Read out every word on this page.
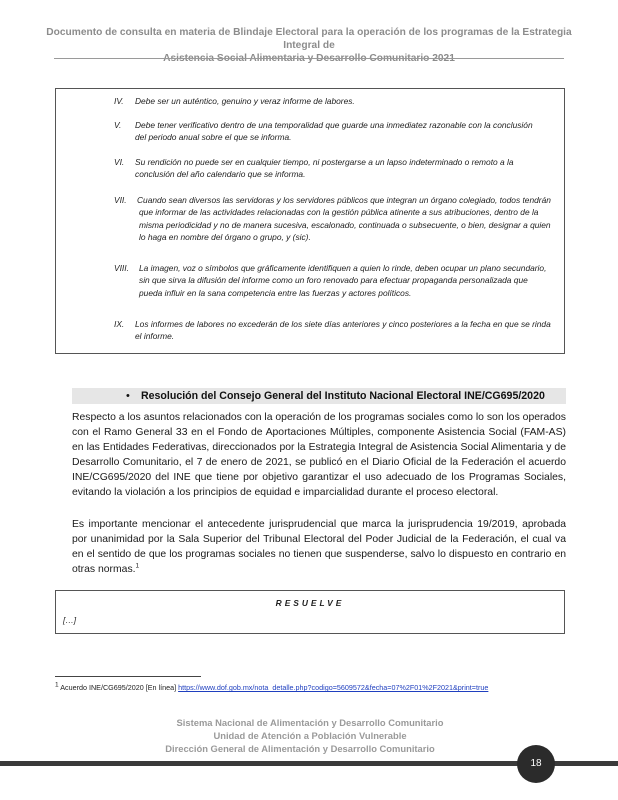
Documento de consulta en materia de Blindaje Electoral para la operación de los programas de la Estrategia Integral de
Asistencia Social Alimentaria y Desarrollo Comunitario 2021
IV. Debe ser un auténtico, genuino y veraz informe de labores.
V. Debe tener verificativo dentro de una temporalidad que guarde una inmediatez razonable con la conclusión
del periodo anual sobre el que se informa.
VI. Su rendición no puede ser en cualquier tiempo, ni postergarse a un lapso indeterminado o remoto a la
conclusión del año calendario que se informa.
VII. Cuando sean diversos las servidoras y los servidores públicos que integran un órgano colegiado, todos tendrán
que informar de las actividades relacionadas con la gestión pública atinente a sus atribuciones, dentro de la
misma periodicidad y no de manera sucesiva, escalonado, continuada o subsecuente, o bien, designar a quien
lo haga en nombre del órgano o grupo, y (sic).
VIII. La imagen, voz o símbolos que gráficamente identifiquen a quien lo rinde, deben ocupar un plano secundario,
sin que sirva la difusión del informe como un foro renovado para efectuar propaganda personalizada que
pueda influir en la sana competencia entre las fuerzas y actores políticos.
IX. Los informes de labores no excederán de los siete días anteriores y cinco posteriores a la fecha en que se rinda
el informe.
• Resolución del Consejo General del Instituto Nacional Electoral INE/CG695/2020
Respecto a los asuntos relacionados con la operación de los programas sociales como lo son los operados con el Ramo General 33 en el Fondo de Aportaciones Múltiples, componente Asistencia Social (FAM-AS) en las Entidades Federativas, direccionados por la Estrategia Integral de Asistencia Social Alimentaria y de Desarrollo Comunitario, el 7 de enero de 2021, se publicó en el Diario Oficial de la Federación el acuerdo INE/CG695/2020 del INE que tiene por objetivo garantizar el uso adecuado de los Programas Sociales, evitando la violación a los principios de equidad e imparcialidad durante el proceso electoral.
Es importante mencionar el antecedente jurisprudencial que marca la jurisprudencia 19/2019, aprobada por unanimidad por la Sala Superior del Tribunal Electoral del Poder Judicial de la Federación, el cual va en el sentido de que los programas sociales no tienen que suspenderse, salvo lo dispuesto en contrario en otras normas.$^1$
RESUELVE
[…]
$^1$ Acuerdo INE/CG695/2020 [En línea] https://www.dof.gob.mx/nota_detalle.php?codigo=5609572&fecha=07%2F01%2F2021&print=true
Sistema Nacional de Alimentación y Desarrollo Comunitario
Unidad de Atención a Población Vulnerable
Dirección General de Alimentación y Desarrollo Comunitario
18
